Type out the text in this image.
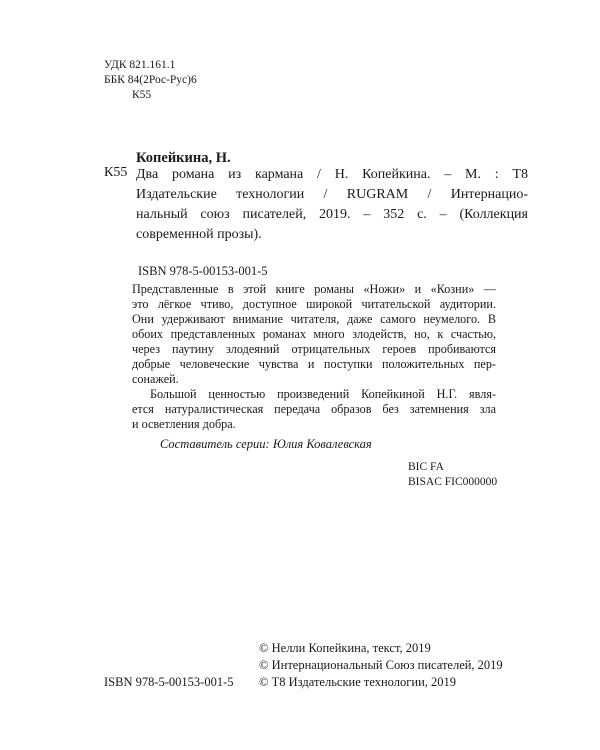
УДК 821.161.1
ББК 84(2Рос-Рус)6
К55
К55
Копейкина, Н.
Два романа из кармана / Н. Копейкина. – М. : Т8
Издательские технологии / RUGRAM / Интернацио-
нальный союз писателей, 2019. – 352 с. – (Коллекция
современной прозы).
ISBN 978-5-00153-001-5
Представленные в этой книге романы «Ножи» и «Козни» —
это лёгкое чтиво, доступное широкой читательской аудитории.
Они удерживают внимание читателя, даже самого неумелого. В
обоих представленных романах много злодейств, но, к счастью,
через паутину злодеяний отрицательных героев пробиваются
добрые человеческие чувства и поступки положительных пер-
сонажей.
Большой ценностью произведений Копейкиной Н.Г. явля-
ется натуралистическая передача образов без затемнения зла
и осветления добра.
Составитель серии: Юлия Ковалевская
BIC FA
BISAC FIC000000
© Нелли Копейкина, текст, 2019
© Интернациональный Союз писателей, 2019
© Т8 Издательские технологии, 2019
ISBN 978-5-00153-001-5
